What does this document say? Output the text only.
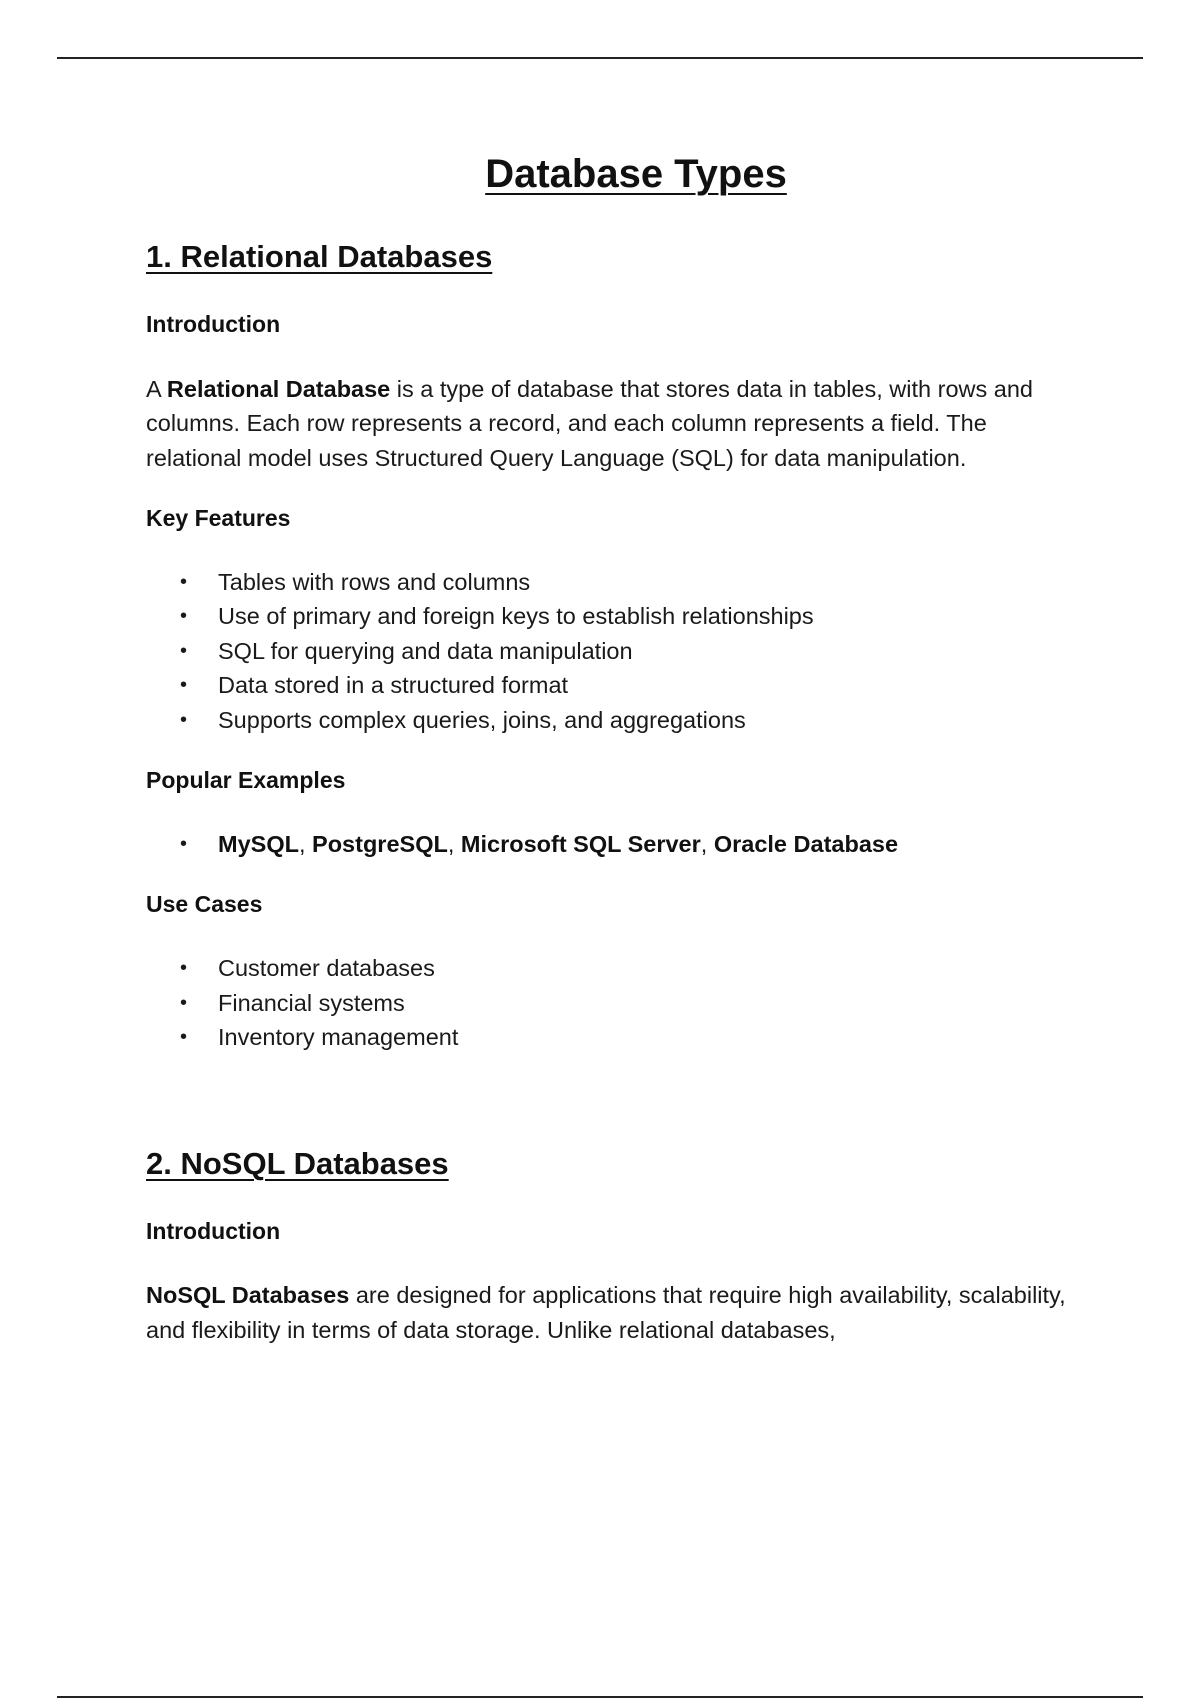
Database Types
1. Relational Databases
Introduction

A Relational Database is a type of database that stores data in tables, with rows and columns. Each row represents a record, and each column represents a field. The relational model uses Structured Query Language (SQL) for data manipulation.

Key Features
• Tables with rows and columns
• Use of primary and foreign keys to establish relationships
• SQL for querying and data manipulation
• Data stored in a structured format
• Supports complex queries, joins, and aggregations
Popular Examples
• MySQL, PostgreSQL, Microsoft SQL Server, Oracle Database
Use Cases
• Customer databases
• Financial systems
• Inventory management
2. NoSQL Databases
Introduction

NoSQL Databases are designed for applications that require high availability, scalability, and flexibility in terms of data storage. Unlike relational databases,
